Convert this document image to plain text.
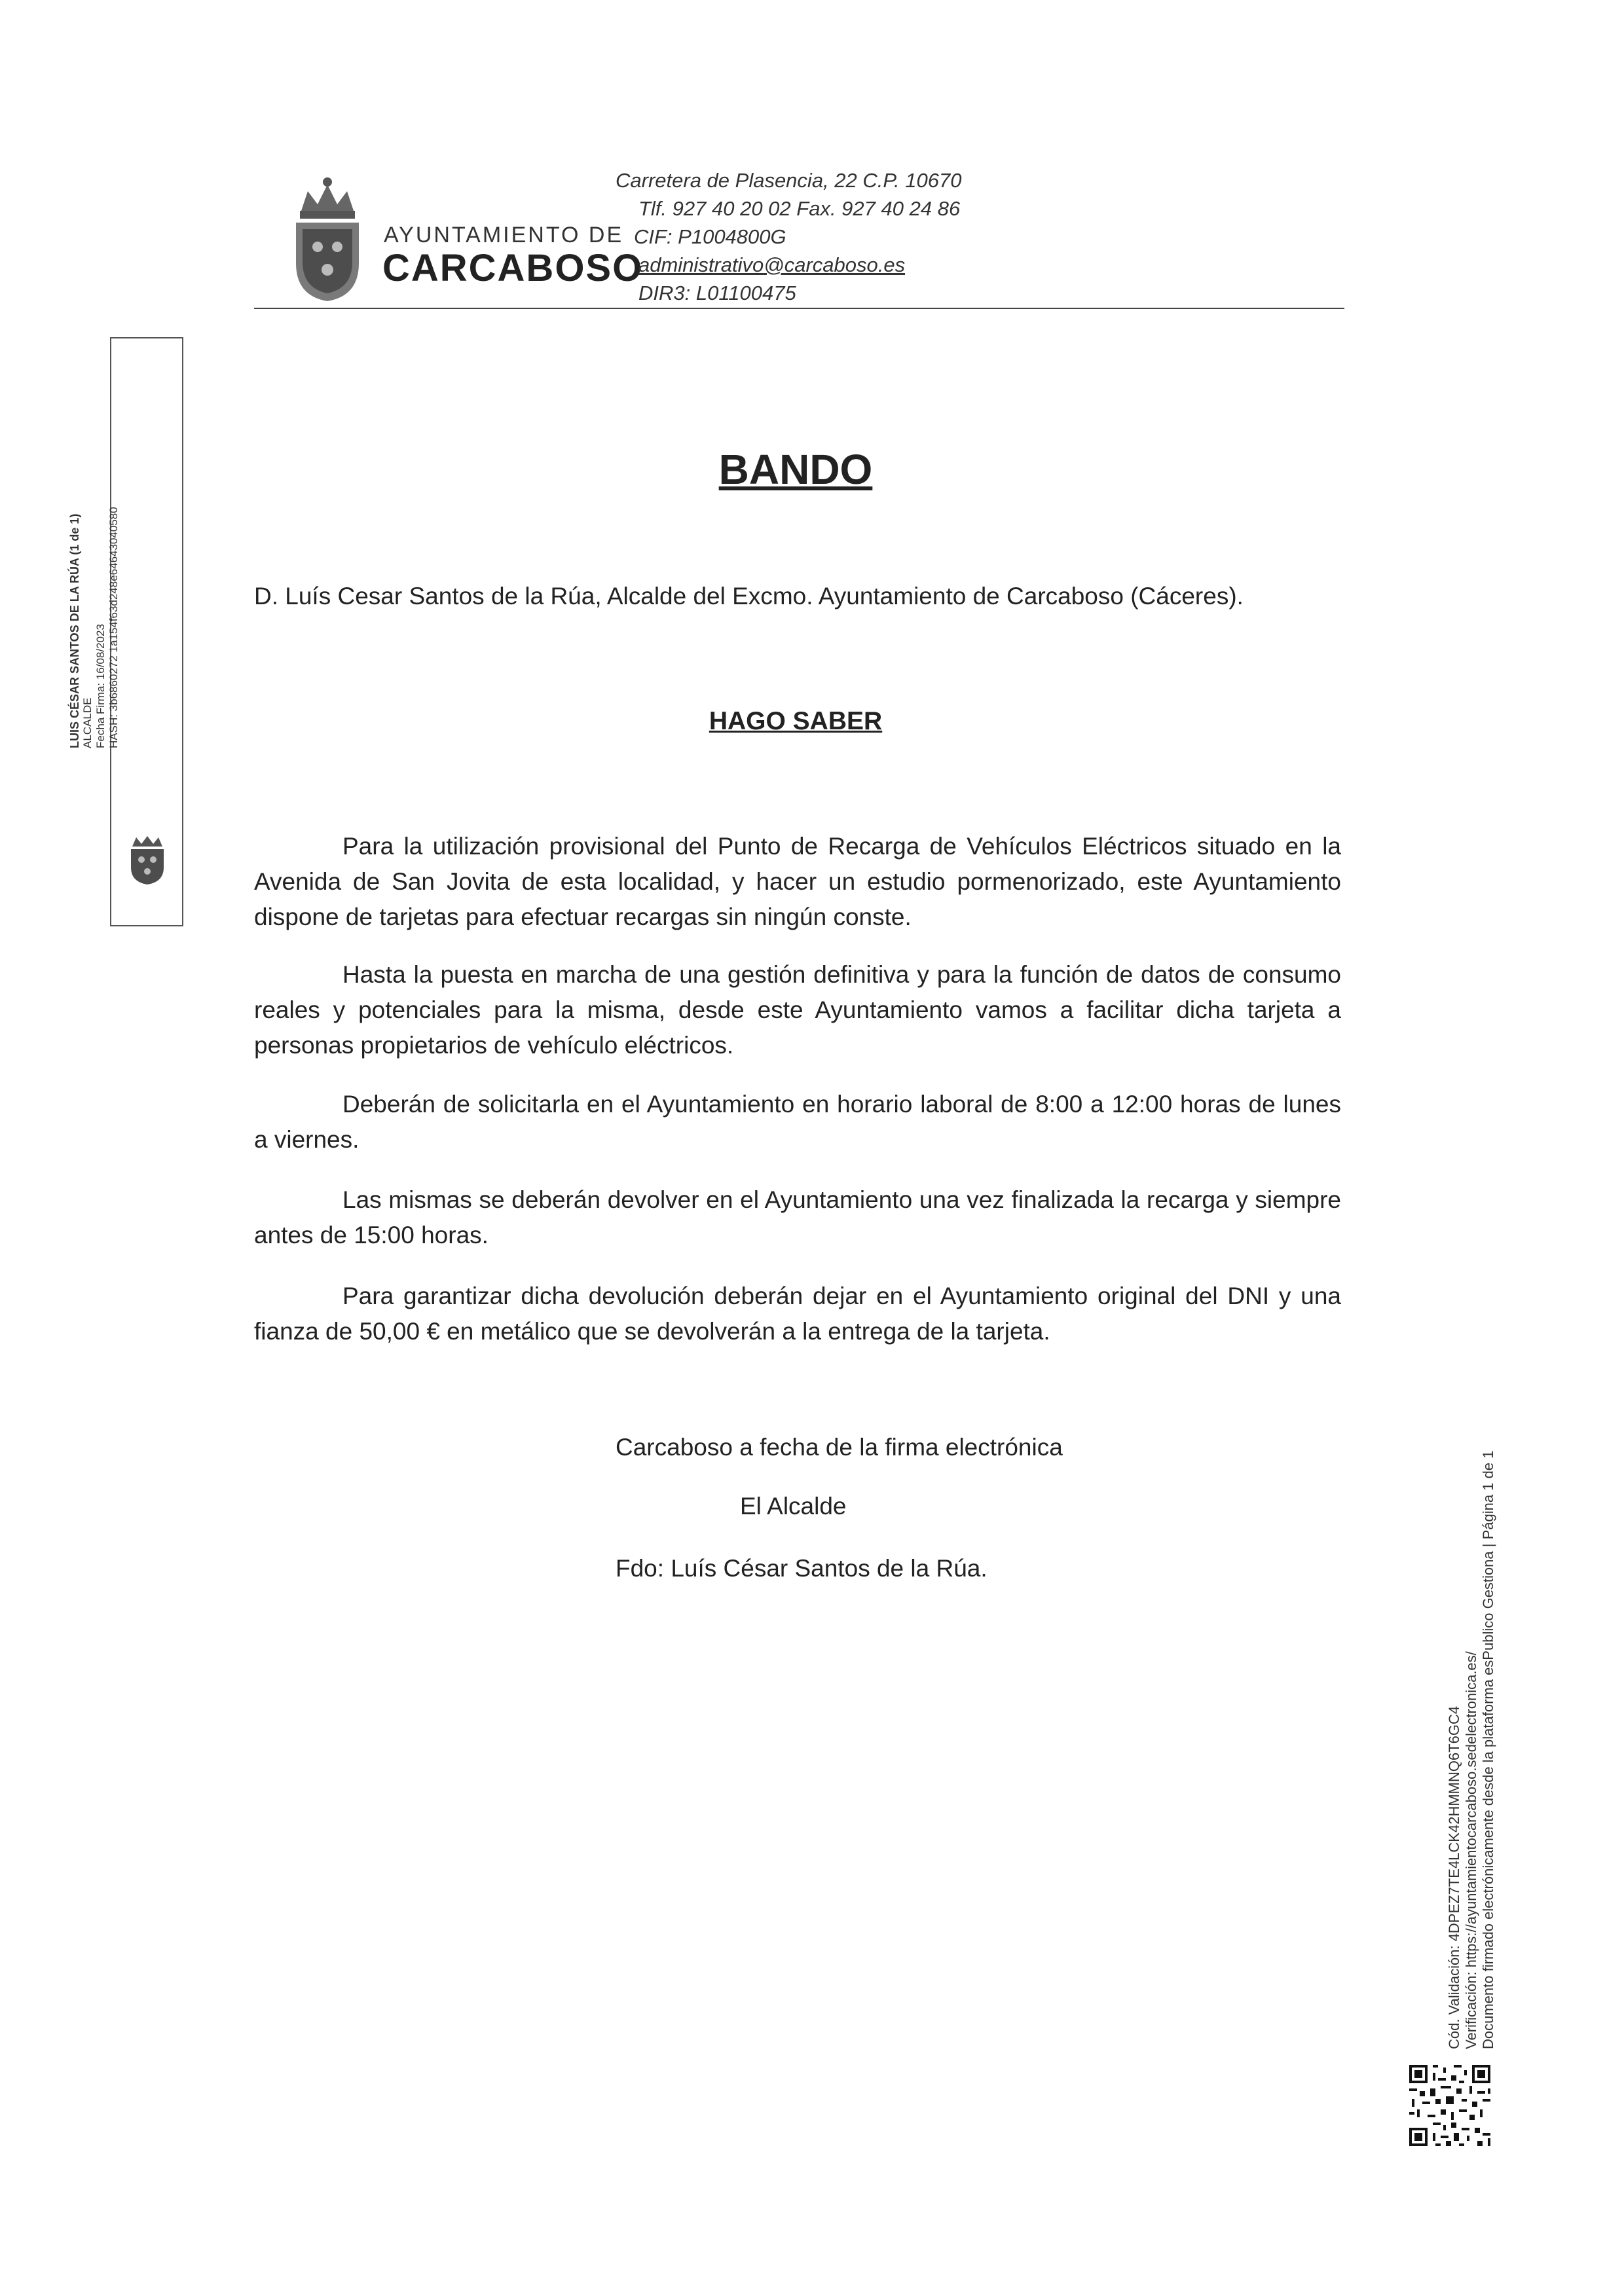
AYUNTAMIENTO DE
CARCABOSO
Carretera de Plasencia, 22 C.P. 10670
Tlf. 927 40 20 02 Fax. 927 40 24 86
CIF: P1004800G
administrativo@carcaboso.es
DIR3: L01100475
LUIS CÉSAR SANTOS DE LA RÚA (1 de 1) ALCALDE Fecha Firma: 16/08/2023 HASH: 3b6860272 1a154f63d248e64643040580
BANDO
D. Luís Cesar Santos de la Rúa, Alcalde del Excmo. Ayuntamiento de Carcaboso (Cáceres).
HAGO SABER
Para la utilización provisional del Punto de Recarga de Vehículos Eléctricos situado en la Avenida de San Jovita de esta localidad, y hacer un estudio pormenorizado, este Ayuntamiento dispone de tarjetas para efectuar recargas sin ningún conste.
Hasta la puesta en marcha de una gestión definitiva y para la función de datos de consumo reales y potenciales para la misma, desde este Ayuntamiento vamos a facilitar dicha tarjeta a personas propietarios de vehículo eléctricos.
Deberán de solicitarla en el Ayuntamiento en horario laboral de 8:00 a 12:00 horas de lunes a viernes.
Las mismas se deberán devolver en el Ayuntamiento una vez finalizada la recarga y siempre antes de 15:00 horas.
Para garantizar dicha devolución deberán dejar en el Ayuntamiento original del DNI y una fianza de 50,00 € en metálico que se devolverán a la entrega de la tarjeta.
Carcaboso a fecha de la firma electrónica
El Alcalde
Fdo: Luís César Santos de la Rúa.
Cód. Validación: 4DPEZ7TE4LCK42HMMNQ6T6GC4 Verificación: https://ayuntamientocarcaboso.sedelectronica.es/ Documento firmado electrónicamente desde la plataforma esPublico Gestiona | Página 1 de 1
